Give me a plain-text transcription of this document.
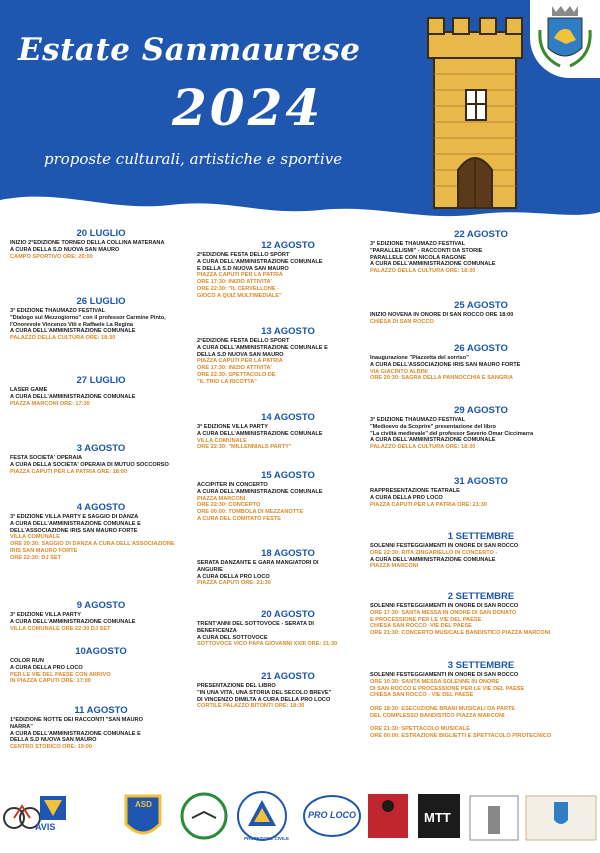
Estate Sanmaurese
2024
proposte culturali, artistiche e sportive
20 LUGLIO
INIZIO 2°EDIZIONE TORNEO DELLA COLLINA MATERANA
A CURA DELLA S.D NUOVA SAN MAURO
CAMPO SPORTIVO ORE: 20:00
26 LUGLIO
3° EDIZIONE THAUMAZO FESTIVAL
"Dialogo sul Mezzogiorno" con il professor Carmine Pinto,
l'Onorevole Vincenzo Viti e Raffaele La Regina
A CURA DELL'AMMINISTRAZIONE COMUNALE
PALAZZO DELLA CULTURA ORE: 18:30
27 LUGLIO
LASER GAME
A CURA DELL'AMMINISTRAZIONE COMUNALE
PIAZZA MARCONI ORE: 17:30
3 AGOSTO
FESTA SOCIETA' OPERAIA
A CURA DELLA SOCIETA' OPERAIA DI MUTUO SOCCORSO
PIAZZA CAPUTI PER LA PATRIA ORE: 18:00
4 AGOSTO
3° EDIZIONE VILLA PARTY E SAGGIO DI DANZA
A CURA DELL'AMMINISTRAZIONE COMUNALE E
DELL'ASSOCIAZIONE IRIS SAN MAURO FORTE
VILLA COMUNALE
ORE 20:30: SAGGIO DI DANZA A CURA DELL'ASSOCIAZIONE
IRIS SAN MAURO FORTE
ORE 22:30: DJ SET
9 AGOSTO
3° EDIZIONE VILLA PARTY
A CURA DELL'AMMINISTRAZIONE COMUNALE
VILLA COMUNALE ORE 22:30 DJ SET
10AGOSTO
COLOR RUN
A CURA DELLA PRO LOCO
PER LE VIE DEL PAESE CON ARRIVO
IN PIAZZA CAPUTI ORE: 17:00
11 AGOSTO
1°EDIZIONE NOTTE DEI RACCONTI "SAN MAURO
NARRA"
A CURA DELL'AMMINISTRAZIONE COMUNALE E
DELLA S.D NUOVA SAN MAURO
CENTRO STORICO ORE: 19:00
12 AGOSTO
2°EDIZIONE FESTA DELLO SPORT
A CURA DELL'AMMINISTRAZIONE COMUNALE
E DELLA S.D NUOVA SAN MAURO
PIAZZA CAPUTI PER LA PATRIA
ORE 17:30: INIZIO ATTIVITA'
ORE 22:30: "IL CERVELLONE -
GIOCO A QUIZ MULTIMEDIALE"
13 AGOSTO
2°EDIZIONE FESTA DELLO SPORT
A CURA DELL'AMMINISTRAZIONE COMUNALE E
DELLA S.D NUOVA SAN MAURO
PIAZZA CAPUTI PER LA PATRIA
ORE 17:30: INIZIO ATTIVITA'
ORE 22:30: SPETTACOLO DE
"IL TRIO LA RICOTTA"
14 AGOSTO
3° EDIZIONE VILLA PARTY
A CURA DELL'AMMINISTRAZIONE COMUNALE
VILLA COMUNALE
ORE 22:30: "MILLENNIALS PARTY"
15 AGOSTO
ACCIPITER IN CONCERTO
A CURA DELL'AMMINISTRAZIONE COMUNALE
PIAZZA MARCONI
ORE 22:30: CONCERTO
ORE 00:00: TOMBOLA DI MEZZANOTTE
A CURA DEL COMITATO FESTE
18 AGOSTO
SERATA DANZANTE E GARA MANGIATORI DI
ANGURIE
A CURA DELLA PRO LOCO
PIAZZA CAPUTI ORE: 21:30
20 AGOSTO
TRENT'ANNI DEL SOTTOVOCE - SERATA DI
BENEFICENZA
A CURA DEL SOTTOVOCE
SOTTOVOCE VICO PAPA GIOVANNI XXIII ORE: 21:30
21 AGOSTO
PRESENTAZIONE DEL LIBRO
"IN UNA VITA, UNA STORIA DEL SECOLO BREVE"
DI VINCENZO DIMILTA A CURA DELLA PRO LOCO
CORTILE PALAZZO BITONTI ORE: 18:30
22 AGOSTO
3° EDIZIONE THAUMAZO FESTIVAL
"PARALLELISMI" - RACCONTI DA STORIE
PARALLELE CON NICOLA RAGONE
A CURA DELL'AMMINISTRAZIONE COMUNALE
PALAZZO DELLA CULTURA ORE: 18:30
25 AGOSTO
INIZIO NOVENA IN ONORE DI SAN ROCCO ORE 18:00
CHIESA DI SAN ROCCO
26 AGOSTO
Inaugurazione "Piazzetta del sorriso"
A CURA DELL'ASSOCIAZIONE IRIS SAN MAURO FORTE
VIA GIACINTO ALBINI
ORE 20:30: SAGRA DELLA PANNOCCHIA E SANGRIA
29 AGOSTO
3° EDIZIONE THAUMAZO FESTIVAL
"Medioevo da Scoprire" presentazione del libro
"La civiltà medievale" del professor Saverio Omar Ciccimarra
A CURA DELL'AMMINISTRAZIONE COMUNALE
PALAZZO DELLA CULTURA ORE: 18:30
31 AGOSTO
RAPPRESENTAZIONE TEATRALE
A CURA DELLA PRO LOCO
PIAZZA CAPUTI PER LA PATRIA ORE: 21:30
1 SETTEMBRE
SOLENNI FESTEGGIAMENTI IN ONORE DI SAN ROCCO
ORE 22:30: RITA ZINGARIELLO IN CONCERTO -
A CURA DELL'AMMINISTRAZIONE COMUNALE
PIAZZA MARCONI
2 SETTEMBRE
SOLENNI FESTEGGIAMENTI IN ONORE DI SAN ROCCO
ORE 17:30: SANTA MESSA IN ONORE DI SAN DONATO
E PROCESSIONE PER LE VIE DEL PAESE
CHIESA SAN ROCCO -VIE DEL PAESE
ORE 21:30: CONCERTO MUSICALE BANDISTICO PIAZZA MARCONI
3 SETTEMBRE
SOLENNI FESTEGGIAMENTI IN ONORE DI SAN ROCCO
ORE 10:30: SANTA MESSA SOLENNE IN ONORE
DI SAN ROCCO E PROCESSIONE PER LE VIE DEL PAESE
CHIESA SAN ROCCO - VIE DEL PAESE

ORE 18:30: ESECUZIONE BRANI MUSICALI DA PARTE
DEL COMPLESSO BANDISTICO PIAZZA MARCONI

ORE 21:30: SPETTACOLO MUSICALE
ORE 00:00: ESTRAZIONE BIGLIETTI E SPETTACOLO PIROTECNICO
AVIS
ASD
PRO LOCO
PROTEZIONE CIVILE
MTT
